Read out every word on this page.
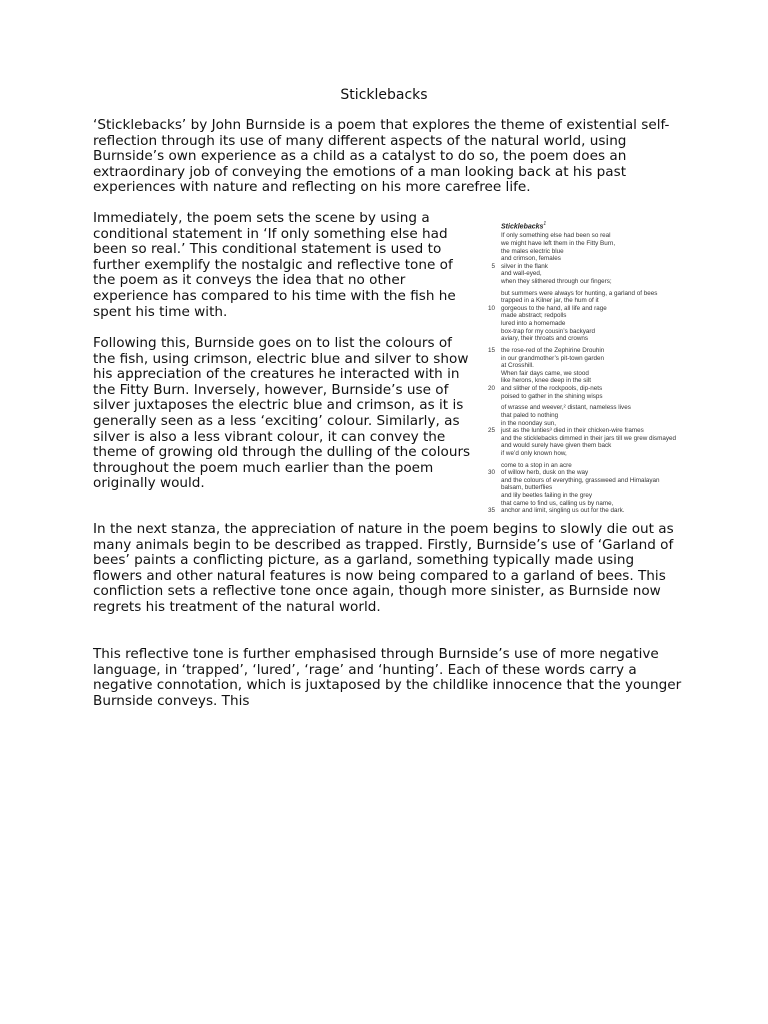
Sticklebacks

‘Sticklebacks’ by John Burnside is a poem that explores the theme of existential self-reflection through its use of many different aspects of the natural world, using Burnside’s own experience as a child as a catalyst to do so, the poem does an extraordinary job of conveying the emotions of a man looking back at his past experiences with nature and reflecting on his more carefree life.

Immediately, the poem sets the scene by using a conditional statement in ‘If only something else had been so real.’ This conditional statement is used to further exemplify the nostalgic and reflective tone of the poem as it conveys the idea that no other experience has compared to his time with the fish he spent his time with.

Following this, Burnside goes on to list the colours of the fish, using crimson, electric blue and silver to show his appreciation of the creatures he interacted with in the Fitty Burn. Inversely, however, Burnside’s use of silver juxtaposes the electric blue and crimson, as it is generally seen as a less ‘exciting’ colour. Similarly, as silver is also a less vibrant colour, it can convey the theme of growing old through the dulling of the colours throughout the poem much earlier than the poem originally would.

In the next stanza, the appreciation of nature in the poem begins to slowly die out as many animals begin to be described as trapped. Firstly, Burnside’s use of ‘Garland of bees’ paints a conflicting picture, as a garland, something typically made using flowers and other natural features is now being compared to a garland of bees. This confliction sets a reflective tone once again, though more sinister, as Burnside now regrets his treatment of the natural world.

This reflective tone is further emphasised through Burnside’s use of more negative language, in ‘trapped’, ‘lured’, ‘rage’ and ‘hunting’. Each of these words carry a negative connotation, which is juxtaposed by the childlike innocence that the younger Burnside conveys. This

Sticklebacks$^1$
If only something else had been so real
we might have left them in the Fitty Burn,
the males electric blue
and crimson, females
5 silver in the flank
and wall-eyed,
when they slithered through our fingers;
but summers were always for hunting, a garland of bees
trapped in a Kilner jar, the hum of it
10 gorgeous to the hand, all life and rage
made abstract; redpolls
lured into a homemade
box-trap for my cousin’s backyard
aviary, their throats and crowns
15 the rose-red of the Zephirine Drouhin
in our grandmother’s pit-town garden
at Crosshill.
When fair days came, we stood
like herons, knee deep in the silt
20 and slither of the rockpools, dip-nets
poised to gather in the shining wisps
of wrasse and weever,² distant, nameless lives
that paled to nothing
in the noonday sun,
25 just as the lunties³ died in their chicken-wire frames
and the sticklebacks dimmed in their jars till we grew dismayed
and would surely have given them back
if we’d only known how,
come to a stop in an acre
30 of willow herb, dusk on the way
and the colours of everything, grassweed and Himalayan
balsam, butterflies
and lily beetles failing in the grey
that came to find us, calling us by name,
35 anchor and limit, singling us out for the dark.
